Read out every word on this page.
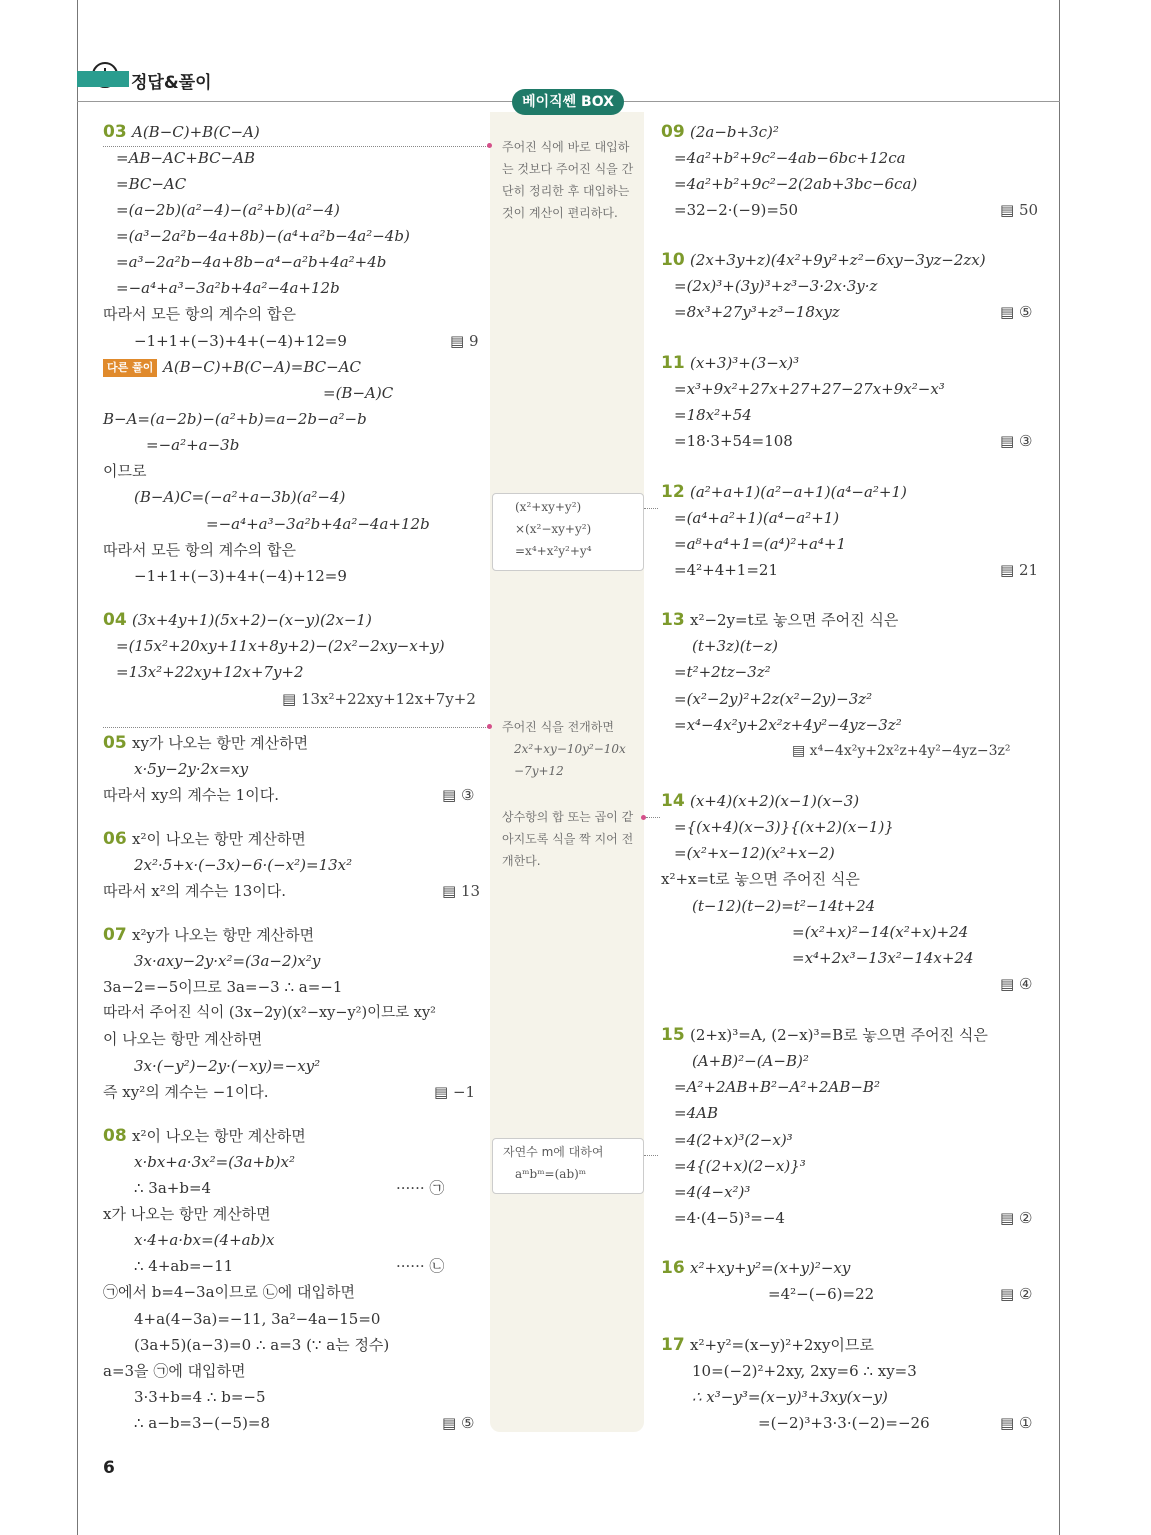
정답&풀이
베이직쎈 BOX
주어진 식에 바로 대입하는 것보다 주어진 식을 간단히 정리한 후 대입하는 것이 계산이 편리하다.
(x²+xy+y²)
×(x²−xy+y²)
=x⁴+x²y²+y⁴
주어진 식을 전개하면
2x²+xy−10y²−10x
−7y+12
상수항의 합 또는 곱이 같아지도록 식을 짝 지어 전개한다.
자연수 m에 대하여
aᵐbᵐ=(ab)ᵐ
03 A(B−C)+B(C−A)
=AB−AC+BC−AB
=BC−AC
=(a−2b)(a²−4)−(a²+b)(a²−4)
=(a³−2a²b−4a+8b)−(a⁴+a²b−4a²−4b)
=a³−2a²b−4a+8b−a⁴−a²b+4a²+4b
=−a⁴+a³−3a²b+4a²−4a+12b
따라서 모든 항의 계수의 합은
−1+1+(−3)+4+(−4)+12=9	▤ 9
다른 풀이 A(B−C)+B(C−A)=BC−AC
=(B−A)C
B−A=(a−2b)−(a²+b)=a−2b−a²−b
=−a²+a−3b
이므로
(B−A)C=(−a²+a−3b)(a²−4)
=−a⁴+a³−3a²b+4a²−4a+12b
따라서 모든 항의 계수의 합은
−1+1+(−3)+4+(−4)+12=9
04 (3x+4y+1)(5x+2)−(x−y)(2x−1)
=(15x²+20xy+11x+8y+2)−(2x²−2xy−x+y)
=13x²+22xy+12x+7y+2
▤ 13x²+22xy+12x+7y+2
05 xy가 나오는 항만 계산하면
x·5y−2y·2x=xy
따라서 xy의 계수는 1이다.	▤ ③
06 x²이 나오는 항만 계산하면
2x²·5+x·(−3x)−6·(−x²)=13x²
따라서 x²의 계수는 13이다.	▤ 13
07 x²y가 나오는 항만 계산하면
3x·axy−2y·x²=(3a−2)x²y
3a−2=−5이므로 3a=−3 ∴ a=−1
따라서 주어진 식이 (3x−2y)(x²−xy−y²)이므로 xy²
이 나오는 항만 계산하면
3x·(−y²)−2y·(−xy)=−xy²
즉 xy²의 계수는 −1이다.	▤ −1
08 x²이 나오는 항만 계산하면
x·bx+a·3x²=(3a+b)x²
∴ 3a+b=4	······ ㉠
x가 나오는 항만 계산하면
x·4+a·bx=(4+ab)x
∴ 4+ab=−11	······ ㉡
㉠에서 b=4−3a이므로 ㉡에 대입하면
4+a(4−3a)=−11, 3a²−4a−15=0
(3a+5)(a−3)=0 ∴ a=3 (∵ a는 정수)
a=3을 ㉠에 대입하면
3·3+b=4 ∴ b=−5
∴ a−b=3−(−5)=8	▤ ⑤
09 (2a−b+3c)²
=4a²+b²+9c²−4ab−6bc+12ca
=4a²+b²+9c²−2(2ab+3bc−6ca)
=32−2·(−9)=50	▤ 50
10 (2x+3y+z)(4x²+9y²+z²−6xy−3yz−2zx)
=(2x)³+(3y)³+z³−3·2x·3y·z
=8x³+27y³+z³−18xyz	▤ ⑤
11 (x+3)³+(3−x)³
=x³+9x²+27x+27+27−27x+9x²−x³
=18x²+54
=18·3+54=108	▤ ③
12 (a²+a+1)(a²−a+1)(a⁴−a²+1)
=(a⁴+a²+1)(a⁴−a²+1)
=a⁸+a⁴+1=(a⁴)²+a⁴+1
=4²+4+1=21	▤ 21
13 x²−2y=t로 놓으면 주어진 식은
(t+3z)(t−z)
=t²+2tz−3z²
=(x²−2y)²+2z(x²−2y)−3z²
=x⁴−4x²y+2x²z+4y²−4yz−3z²
▤ x⁴−4x²y+2x²z+4y²−4yz−3z²
14 (x+4)(x+2)(x−1)(x−3)
={(x+4)(x−3)}{(x+2)(x−1)}
=(x²+x−12)(x²+x−2)
x²+x=t로 놓으면 주어진 식은
(t−12)(t−2)=t²−14t+24
=(x²+x)²−14(x²+x)+24
=x⁴+2x³−13x²−14x+24
▤ ④
15 (2+x)³=A, (2−x)³=B로 놓으면 주어진 식은
(A+B)²−(A−B)²
=A²+2AB+B²−A²+2AB−B²
=4AB
=4(2+x)³(2−x)³
=4{(2+x)(2−x)}³
=4(4−x²)³
=4·(4−5)³=−4	▤ ②
16 x²+xy+y²=(x+y)²−xy
=4²−(−6)=22	▤ ②
17 x²+y²=(x−y)²+2xy이므로
10=(−2)²+2xy, 2xy=6 ∴ xy=3
∴ x³−y³=(x−y)³+3xy(x−y)
=(−2)³+3·3·(−2)=−26	▤ ①
6
